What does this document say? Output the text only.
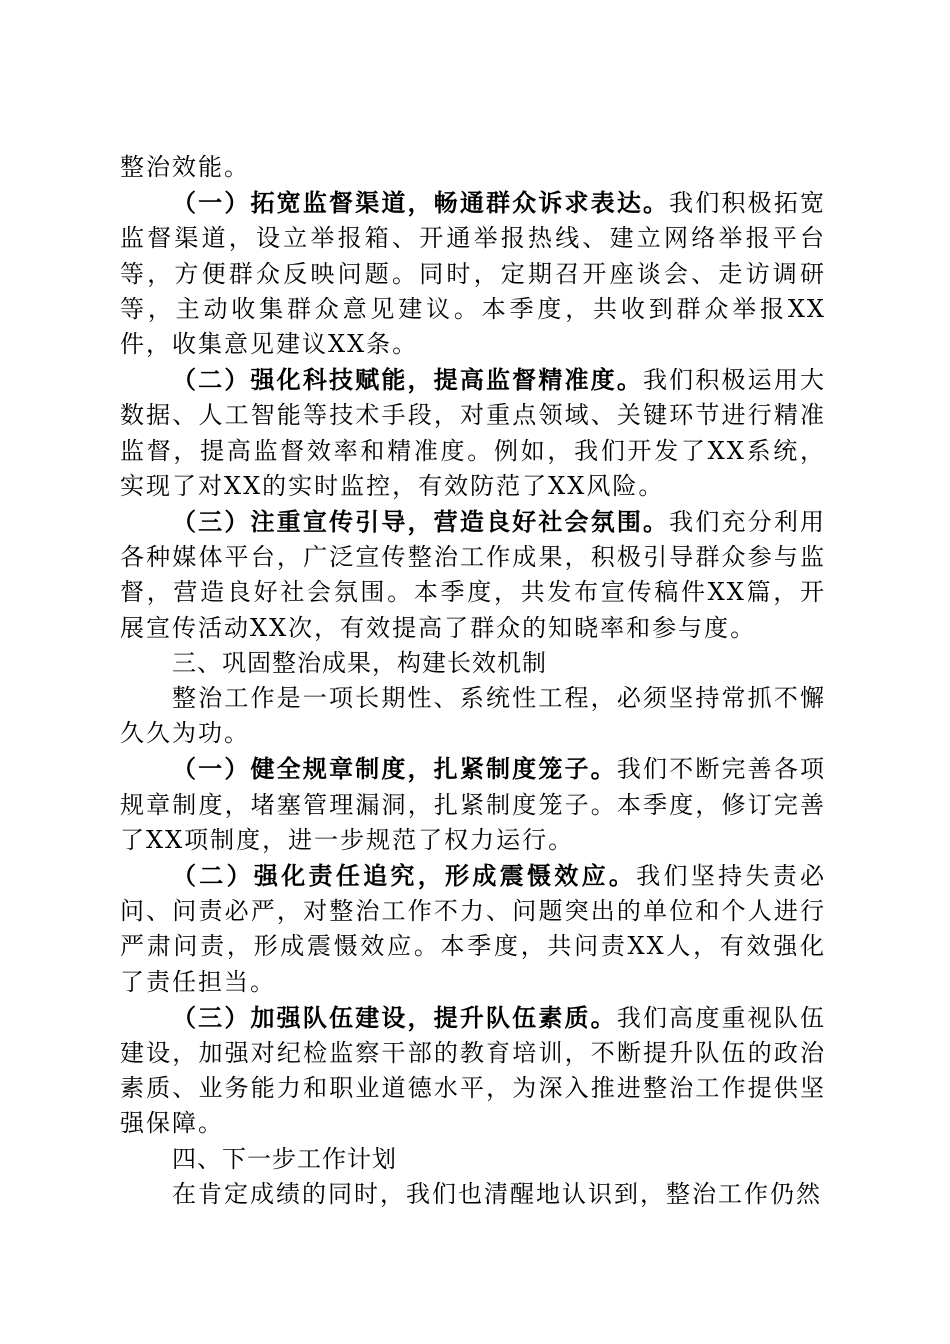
整治效能。

（一）拓宽监督渠道，畅通群众诉求表达。我们积极拓宽监督渠道，设立举报箱、开通举报热线、建立网络举报平台等，方便群众反映问题。同时，定期召开座谈会、走访调研等，主动收集群众意见建议。本季度，共收到群众举报XX件，收集意见建议XX条。

（二）强化科技赋能，提高监督精准度。我们积极运用大数据、人工智能等技术手段，对重点领域、关键环节进行精准监督，提高监督效率和精准度。例如，我们开发了XX系统，实现了对XX的实时监控，有效防范了XX风险。

（三）注重宣传引导，营造良好社会氛围。我们充分利用各种媒体平台，广泛宣传整治工作成果，积极引导群众参与监督，营造良好社会氛围。本季度，共发布宣传稿件XX篇，开展宣传活动XX次，有效提高了群众的知晓率和参与度。

三、巩固整治成果，构建长效机制

整治工作是一项长期性、系统性工程，必须坚持常抓不懈久久为功。

（一）健全规章制度，扎紧制度笼子。我们不断完善各项规章制度，堵塞管理漏洞，扎紧制度笼子。本季度，修订完善了XX项制度，进一步规范了权力运行。

（二）强化责任追究，形成震慑效应。我们坚持失责必问、问责必严，对整治工作不力、问题突出的单位和个人进行严肃问责，形成震慑效应。本季度，共问责XX人，有效强化了责任担当。

（三）加强队伍建设，提升队伍素质。我们高度重视队伍建设，加强对纪检监察干部的教育培训，不断提升队伍的政治素质、业务能力和职业道德水平，为深入推进整治工作提供坚强保障。

四、下一步工作计划

在肯定成绩的同时，我们也清醒地认识到，整治工作仍然
